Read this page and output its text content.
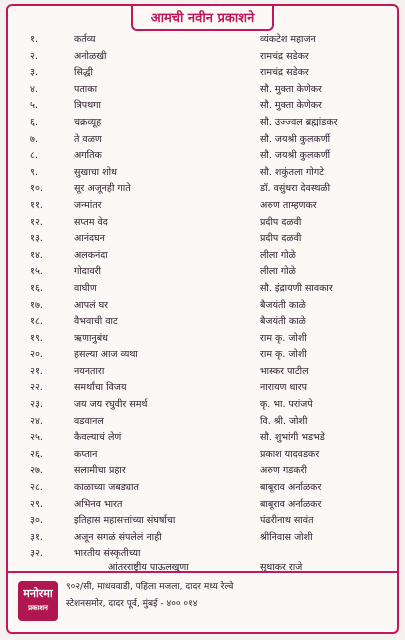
आमची नवीन प्रकाशने
१.	कर्तव्य	व्यंकटेश महाजन
२.	अनोळखी	रामचंद्र सडेकर
३.	सिद्धी	रामचंद्र सडेकर
४.	पताका	सौ. मुक्ता केणेकर
५.	त्रिपथगा	सौ. मुक्ता केणेकर
६.	चक्रव्यूह	सौ. उज्ज्वल ब्रह्मांडकर
७.	ते वळण	सौ. जयश्री कुलकर्णी
८.	अगतिक	सौ. जयश्री कुलकर्णी
९.	सुखाचा शोध	सौ. शकुंतला गोगटे
१०.	सूर अजूनही गाते	डॉ. वसुंधरा देवस्थळी
११.	जन्मांतर	अरुण ताम्हणकर
१२.	सप्तम वेद	प्रदीप दळवी
१३.	आनंदघन	प्रदीप दळवी
१४.	अलकनंदा	लीला गोळे
१५.	गोदावरी	लीला गोळे
१६.	वाघीण	सौ. इंद्रायणी सावकार
१७.	आपलं घर	बैजयंती काळे
१८.	वैभवाची वाट	बैजयंती काळे
१९.	ऋणानुबंध	राम कृ. जोशी
२०.	हसल्या आज व्यथा	राम कृ. जोशी
२१.	नयनतारा	भास्कर पाटील
२२.	समर्थांचा विजय	नारायण धारप
२३.	जय जय रघुवीर समर्थ	कृ. भा. परांजपे
२४.	वडवानल	वि. श्री. जोशी
२५.	कैवल्याचं लेणं	सौ. शुभांगी भडभडे
२६.	कप्तान	प्रकाश यादवडकर
२७.	सलामीचा प्रहार	अरुण गडकरी
२८.	काळाच्या जबड्यात	बाबूराव अर्नाळकर
२९.	अभिनव भारत	बाबूराव अर्नाळकर
३०.	इतिहास महासत्तांच्या संघर्षाचा	पंढरीनाथ सावंत
३१.	अजून सगळं संपलेलं नाही	श्रीनिवास जोशी
३२.	भारतीय संस्कृतीच्या
आंतरराष्ट्रीय पाऊलखुणा	सुधाकर राजे
मनोरमा
प्रकाशन
९०२/सी, माधववाडी, पहिला मजला, दादर मध्य रेल्वे
स्टेशनसमोर, दादर पूर्व, मुंबई - ४०० ०१४
